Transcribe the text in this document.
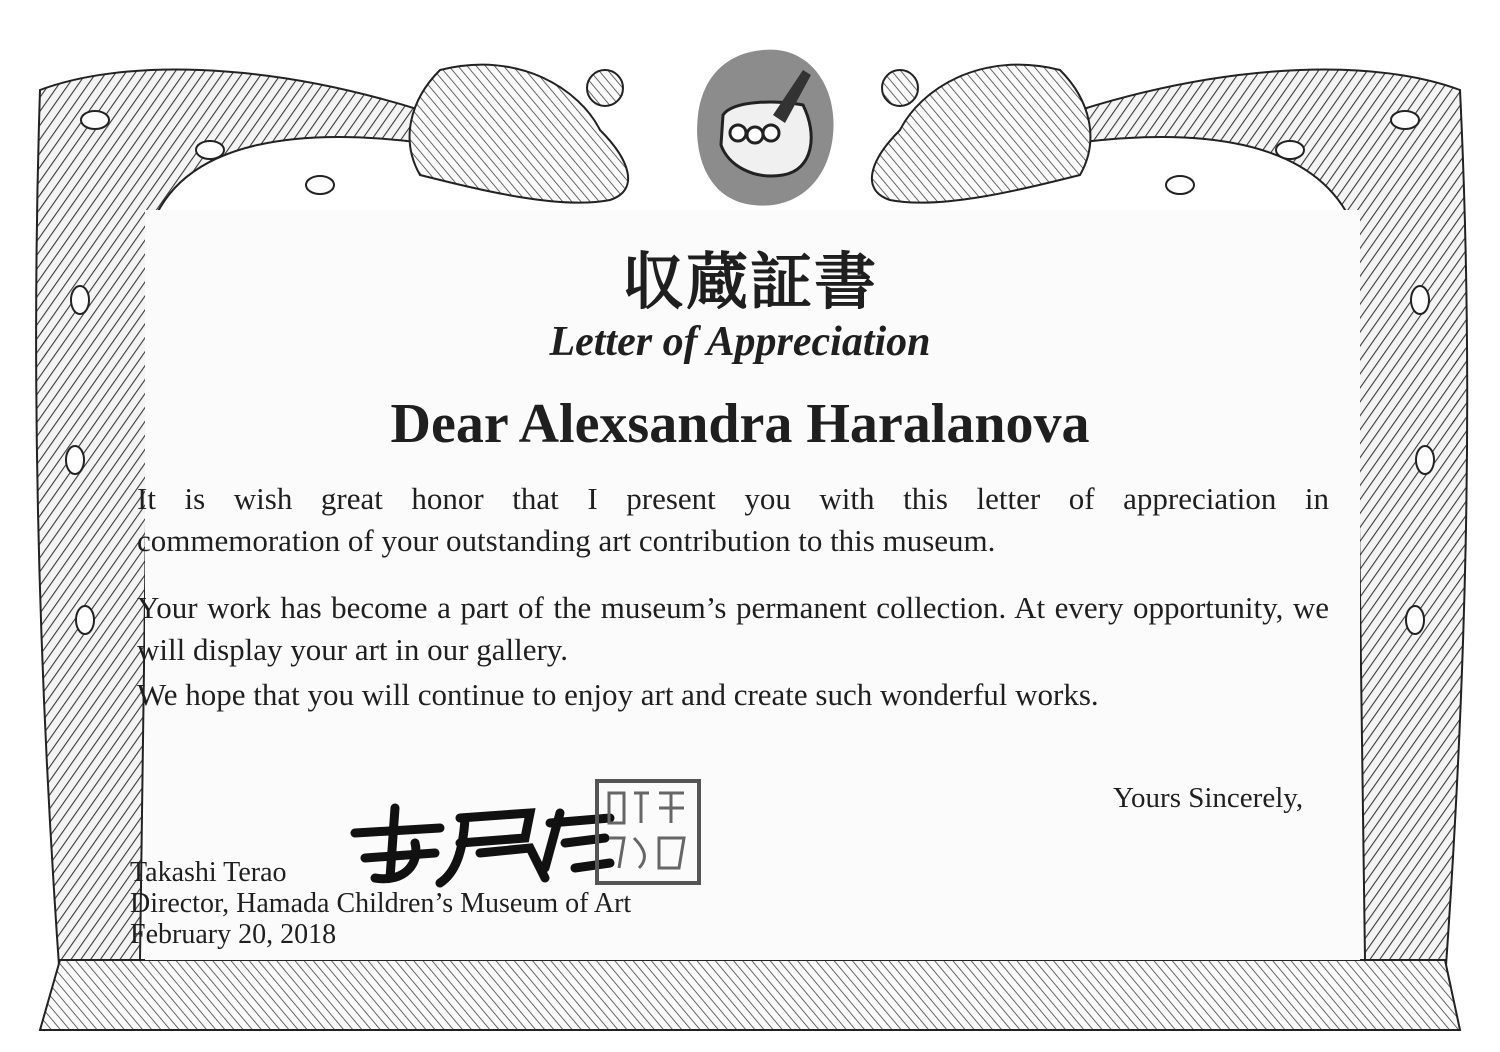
収蔵証書
Letter of Appreciation
Dear Alexsandra Haralanova
It is wish great honor that I present you with this letter of appreciation in
commemoration of your outstanding art contribution to this museum.
Your work has become a part of the museum’s permanent collection. At every opportunity, we will display your art in our gallery.
We hope that you will continue to enjoy art and create such wonderful works.
Yours Sincerely,
Takashi Terao
Director, Hamada Children’s Museum of Art
February 20, 2018
